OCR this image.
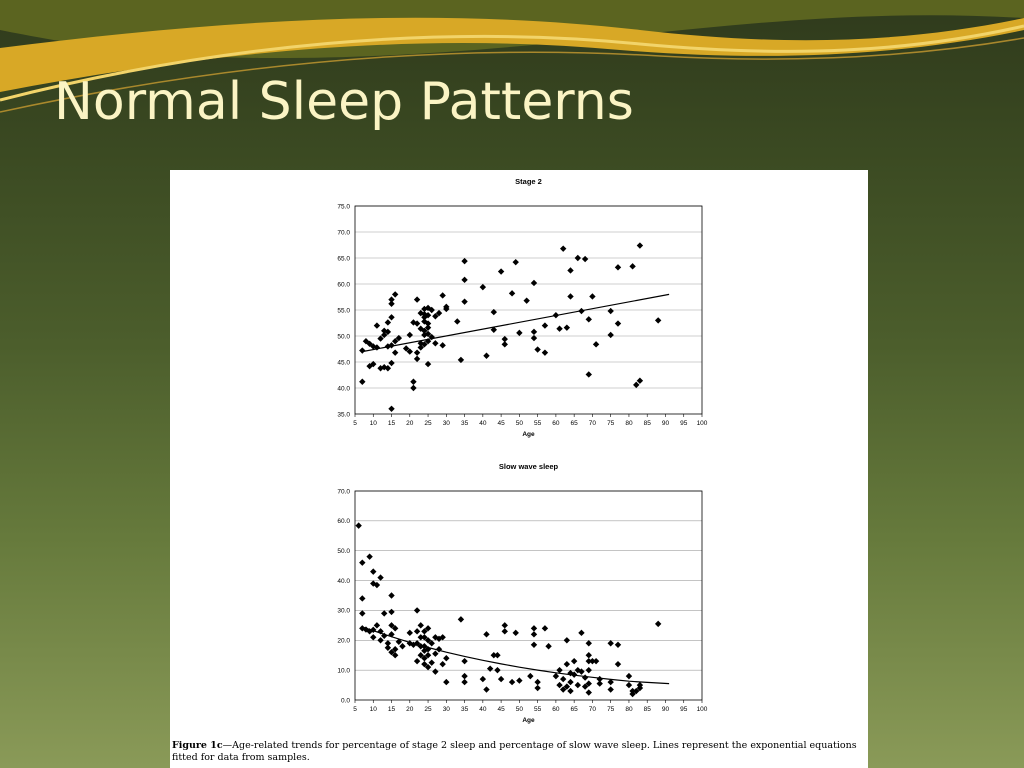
Normal Sleep Patterns
Stage 2
35.0
40.0
45.0
50.0
55.0
60.0
65.0
70.0
75.0
5 10 15 20 25 30 35 40 45 50 55 60 65 70 75 80 85 90 95 100
Age
Slow wave sleep
0.0
10.0
20.0
30.0
40.0
50.0
60.0
70.0
5 10 15 20 25 30 35 40 45 50 55 60 65 70 75 80 85 90 95 100
Age
Figure 1c—Age-related trends for percentage of stage 2 sleep and percentage of slow wave sleep. Lines represent the exponential equations fitted for data from samples.
